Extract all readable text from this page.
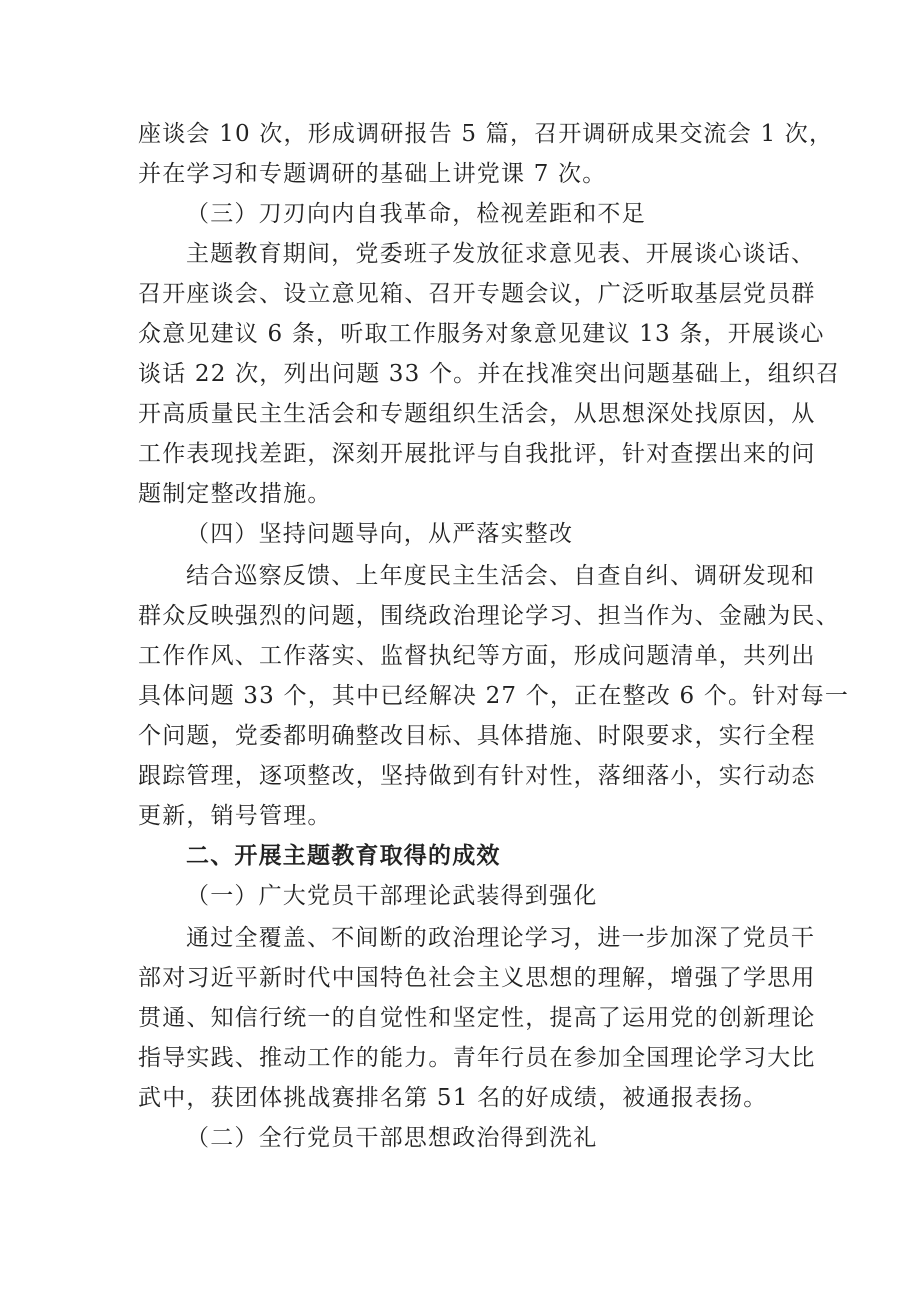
座谈会 10 次，形成调研报告 5 篇，召开调研成果交流会 1 次，
并在学习和专题调研的基础上讲党课 7 次。
（三）刀刃向内自我革命，检视差距和不足
主题教育期间，党委班子发放征求意见表、开展谈心谈话、
召开座谈会、设立意见箱、召开专题会议，广泛听取基层党员群
众意见建议 6 条，听取工作服务对象意见建议 13 条，开展谈心
谈话 22 次，列出问题 33 个。并在找准突出问题基础上，组织召
开高质量民主生活会和专题组织生活会，从思想深处找原因，从
工作表现找差距，深刻开展批评与自我批评，针对查摆出来的问
题制定整改措施。
（四）坚持问题导向，从严落实整改
结合巡察反馈、上年度民主生活会、自查自纠、调研发现和
群众反映强烈的问题，围绕政治理论学习、担当作为、金融为民、
工作作风、工作落实、监督执纪等方面，形成问题清单，共列出
具体问题 33 个，其中已经解决 27 个，正在整改 6 个。针对每一
个问题，党委都明确整改目标、具体措施、时限要求，实行全程
跟踪管理，逐项整改，坚持做到有针对性，落细落小，实行动态
更新，销号管理。
二、开展主题教育取得的成效
（一）广大党员干部理论武装得到强化
通过全覆盖、不间断的政治理论学习，进一步加深了党员干
部对习近平新时代中国特色社会主义思想的理解，增强了学思用
贯通、知信行统一的自觉性和坚定性，提高了运用党的创新理论
指导实践、推动工作的能力。青年行员在参加全国理论学习大比
武中，获团体挑战赛排名第 51 名的好成绩，被通报表扬。
（二）全行党员干部思想政治得到洗礼
